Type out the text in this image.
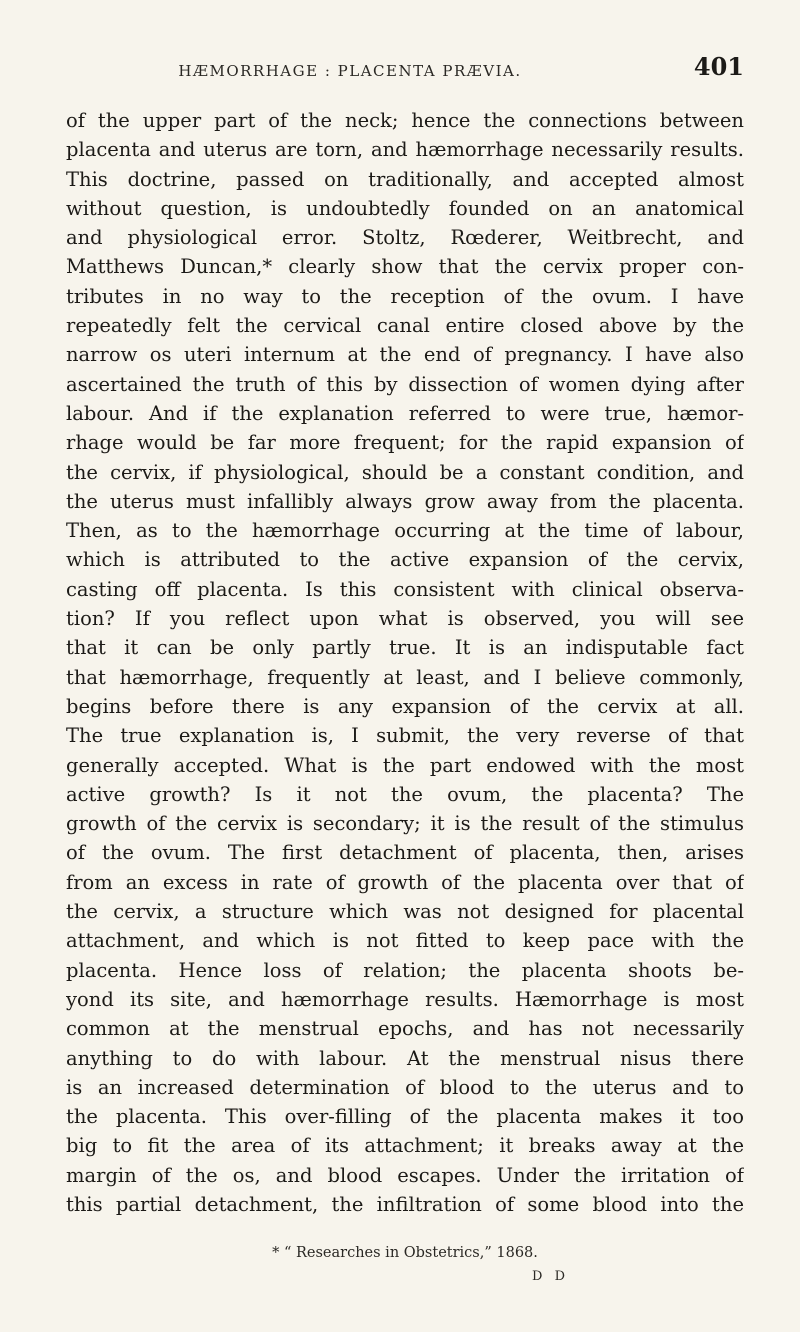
HÆMORRHAGE : PLACENTA PRÆVIA.	401
of the upper part of the neck; hence the connections between
placenta and uterus are torn, and hæmorrhage necessarily results.
This doctrine, passed on traditionally, and accepted almost
without question, is undoubtedly founded on an anatomical
and physiological error. Stoltz, Rœderer, Weitbrecht, and
Matthews Duncan,* clearly show that the cervix proper con-
tributes in no way to the reception of the ovum. I have
repeatedly felt the cervical canal entire closed above by the
narrow os uteri internum at the end of pregnancy. I have also
ascertained the truth of this by dissection of women dying after
labour. And if the explanation referred to were true, hæmor-
rhage would be far more frequent; for the rapid expansion of
the cervix, if physiological, should be a constant condition, and
the uterus must infallibly always grow away from the placenta.
Then, as to the hæmorrhage occurring at the time of labour,
which is attributed to the active expansion of the cervix,
casting off placenta. Is this consistent with clinical observa-
tion? If you reflect upon what is observed, you will see
that it can be only partly true. It is an indisputable fact
that hæmorrhage, frequently at least, and I believe commonly,
begins before there is any expansion of the cervix at all.
The true explanation is, I submit, the very reverse of that
generally accepted. What is the part endowed with the most
active growth? Is it not the ovum, the placenta? The
growth of the cervix is secondary; it is the result of the stimulus
of the ovum. The first detachment of placenta, then, arises
from an excess in rate of growth of the placenta over that of
the cervix, a structure which was not designed for placental
attachment, and which is not fitted to keep pace with the
placenta. Hence loss of relation; the placenta shoots be-
yond its site, and hæmorrhage results. Hæmorrhage is most
common at the menstrual epochs, and has not necessarily
anything to do with labour. At the menstrual nisus there
is an increased determination of blood to the uterus and to
the placenta. This over-filling of the placenta makes it too
big to fit the area of its attachment; it breaks away at the
margin of the os, and blood escapes. Under the irritation of
this partial detachment, the infiltration of some blood into the
* “ Researches in Obstetrics,” 1868.
D D
